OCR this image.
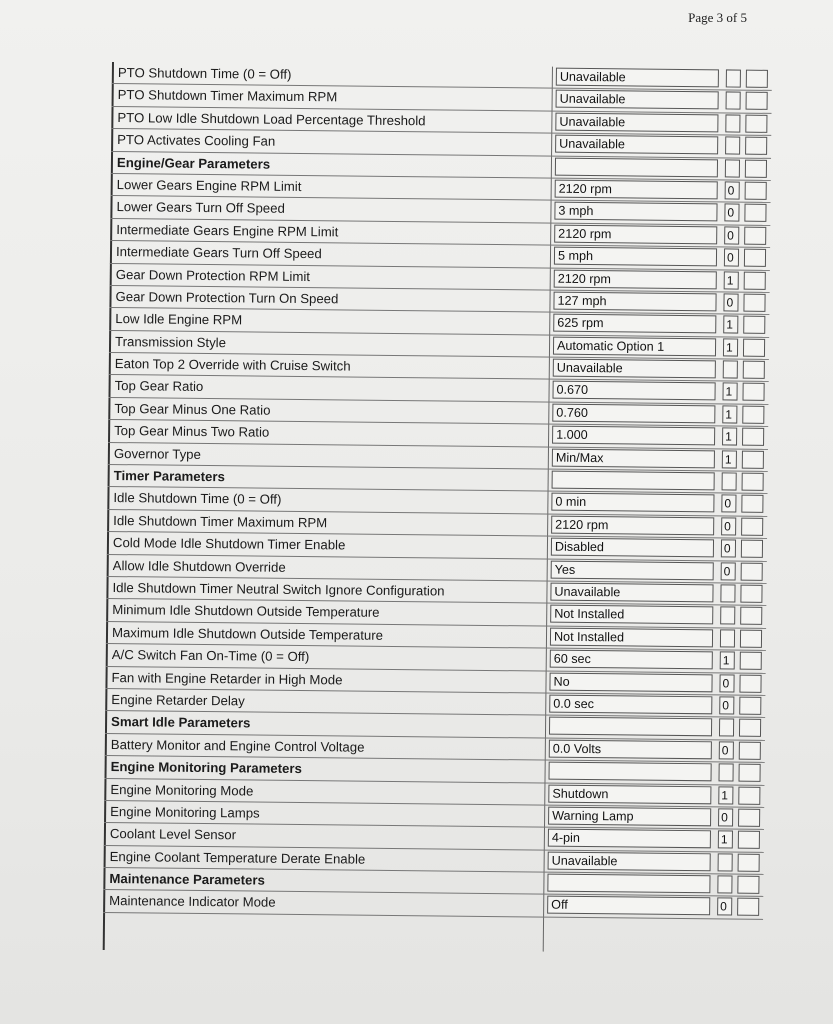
Page 3 of 5
PTO Shutdown Time (0 = Off)	Unavailable
PTO Shutdown Timer Maximum RPM	Unavailable
PTO Low Idle Shutdown Load Percentage Threshold	Unavailable
PTO Activates Cooling Fan	Unavailable
Engine/Gear Parameters
Lower Gears Engine RPM Limit	2120 rpm	0
Lower Gears Turn Off Speed	3 mph	0
Intermediate Gears Engine RPM Limit	2120 rpm	0
Intermediate Gears Turn Off Speed	5 mph	0
Gear Down Protection RPM Limit	2120 rpm	1
Gear Down Protection Turn On Speed	127 mph	0
Low Idle Engine RPM	625 rpm	1
Transmission Style	Automatic Option 1	1
Eaton Top 2 Override with Cruise Switch	Unavailable
Top Gear Ratio	0.670	1
Top Gear Minus One Ratio	0.760	1
Top Gear Minus Two Ratio	1.000	1
Governor Type	Min/Max	1
Timer Parameters
Idle Shutdown Time (0 = Off)	0 min	0
Idle Shutdown Timer Maximum RPM	2120 rpm	0
Cold Mode Idle Shutdown Timer Enable	Disabled	0
Allow Idle Shutdown Override	Yes	0
Idle Shutdown Timer Neutral Switch Ignore Configuration	Unavailable
Minimum Idle Shutdown Outside Temperature	Not Installed
Maximum Idle Shutdown Outside Temperature	Not Installed
A/C Switch Fan On-Time (0 = Off)	60 sec	1
Fan with Engine Retarder in High Mode	No	0
Engine Retarder Delay	0.0 sec	0
Smart Idle Parameters
Battery Monitor and Engine Control Voltage	0.0 Volts	0
Engine Monitoring Parameters
Engine Monitoring Mode	Shutdown	1
Engine Monitoring Lamps	Warning Lamp	0
Coolant Level Sensor	4-pin	1
Engine Coolant Temperature Derate Enable	Unavailable
Maintenance Parameters
Maintenance Indicator Mode	Off	0
